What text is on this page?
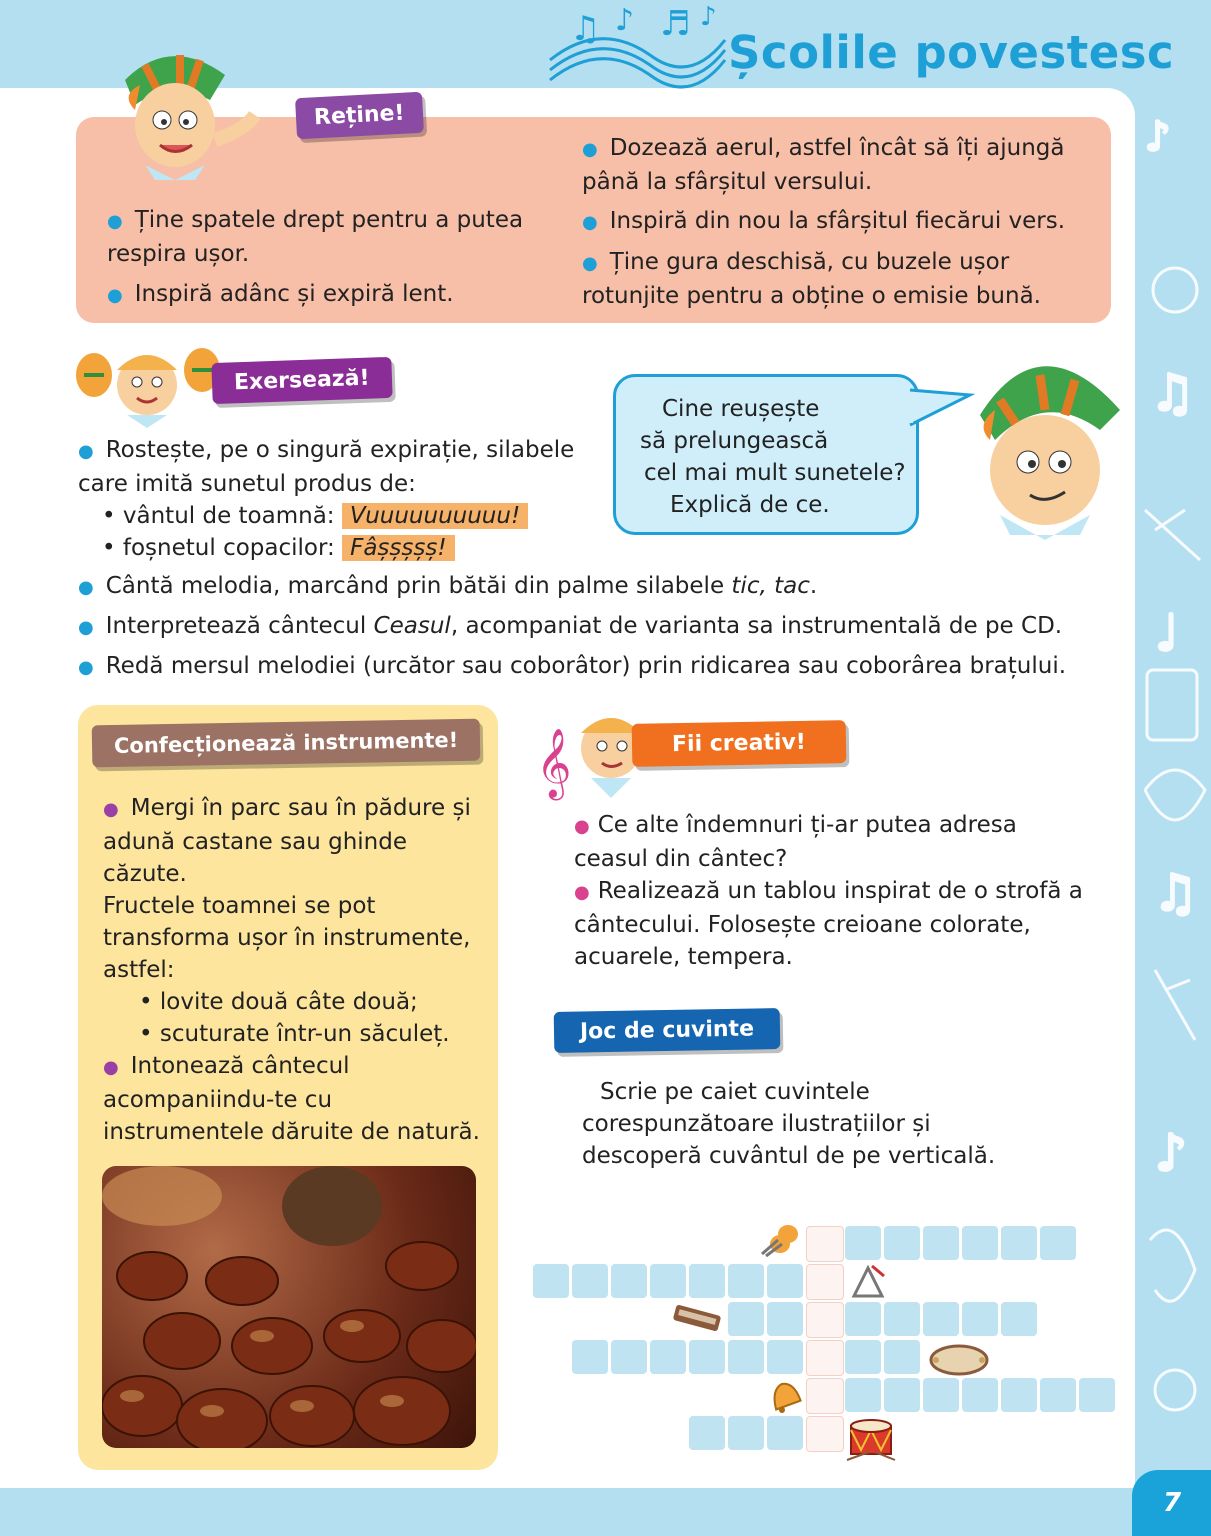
♫ ♪ ♬ ♪
Școlile povestesc
♪
♫
♩
♫
♪
Reține!
● Ține spatele drept pentru a putea respira ușor.
● Inspiră adânc și expiră lent.
● Dozează aerul, astfel încât să îți ajungă până la sfârșitul versului.
● Inspiră din nou la sfârșitul fiecărui vers.
● Ține gura deschisă, cu buzele ușor rotunjite pentru a obține o emisie bună.
Exersează!
● Rostește, pe o singură expirație, silabele
care imită sunetul produs de:
• vântul de toamnă: Vuuuuuuuuuu!
• foșnetul copacilor: Fâșșșșș!
● Cântă melodia, marcând prin bătăi din palme silabele tic, tac.
● Interpretează cântecul Ceasul, acompaniat de varianta sa instrumentală de pe CD.
● Redă mersul melodiei (urcător sau coborâtor) prin ridicarea sau coborârea brațului.
Cine reușește
să prelungească
cel mai mult sunetele?
Explică de ce.
Confecționează instrumente!
● Mergi în parc sau în pădure și adună castane sau ghinde căzute.
Fructele toamnei se pot transforma ușor în instrumente, astfel:
• lovite două câte două;
• scuturate într-un săculeț.
● Intonează cântecul acompaniindu-te cu instrumentele dăruite de natură.
𝄞	Fii creativ!
● Ce alte îndemnuri ți-ar putea adresa ceasul din cântec?
● Realizează un tablou inspirat de o strofă a cântecului. Folosește creioane colorate, acuarele, tempera.
Joc de cuvinte
Scrie pe caiet cuvintele
corespunzătoare ilustrațiilor și
descoperă cuvântul de pe verticală.
7
